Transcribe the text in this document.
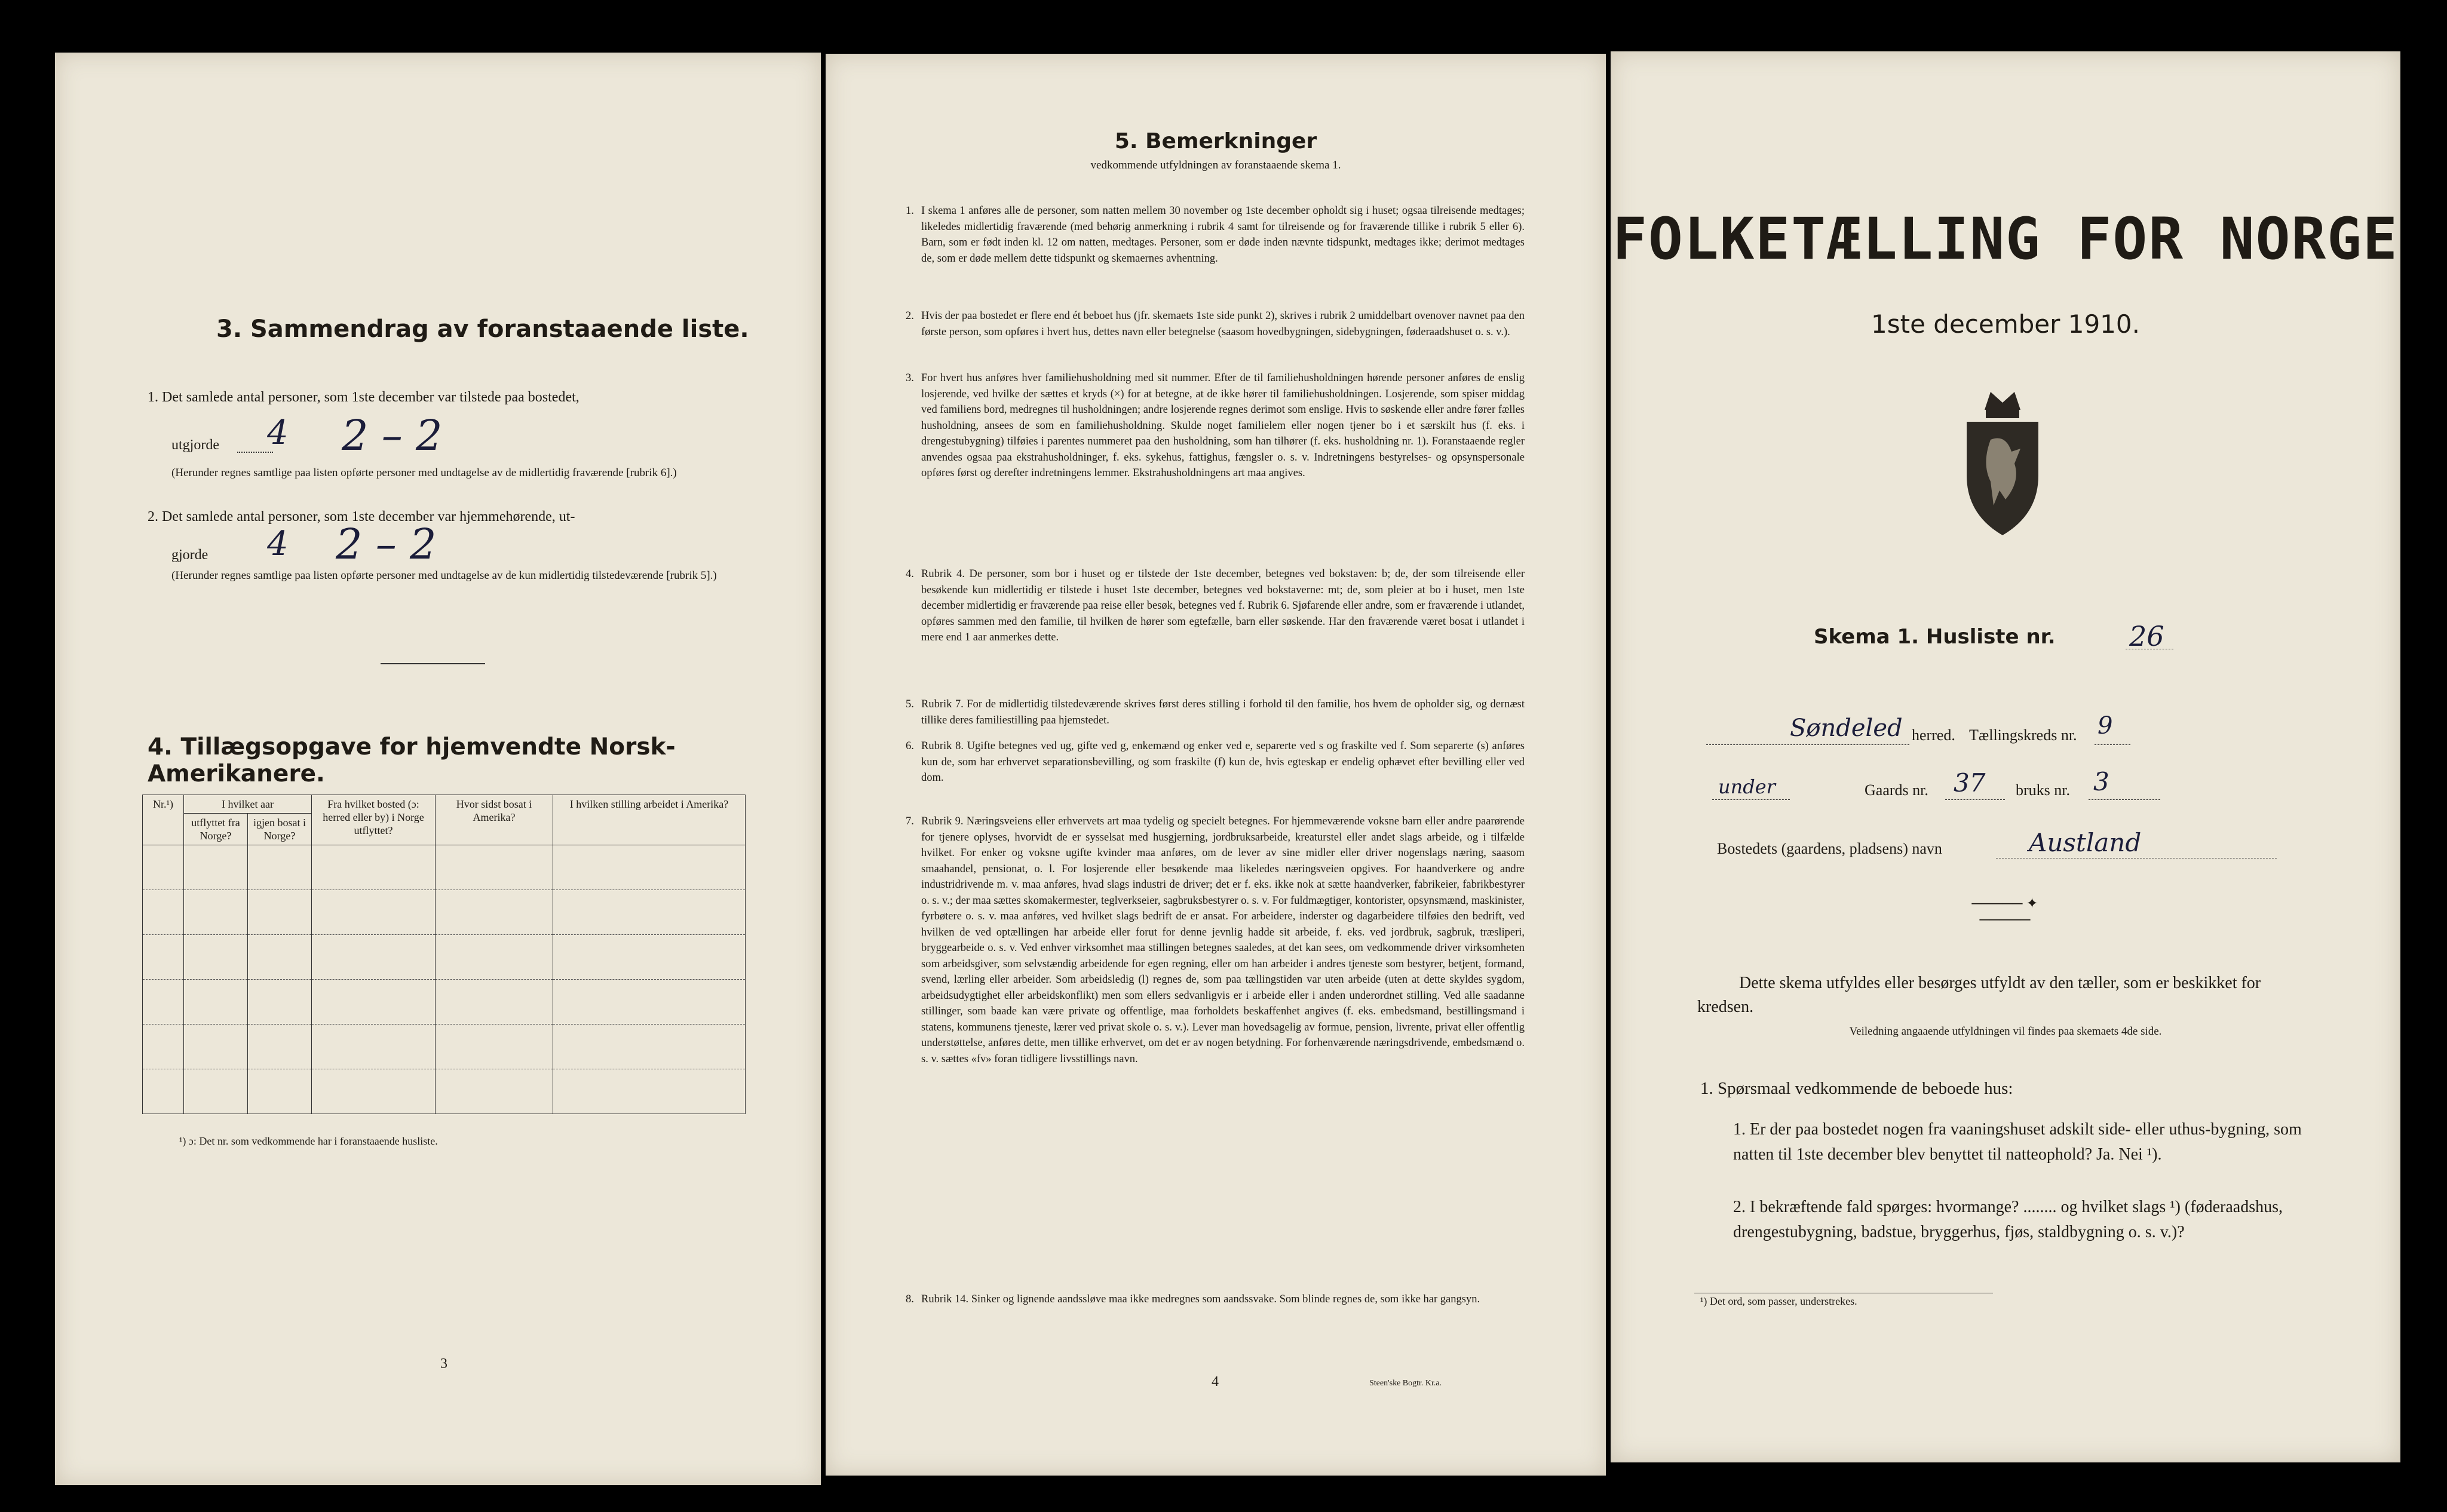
3. Sammendrag av foranstaaende liste.
1. Det samlede antal personer, som 1ste december var tilstede paa bostedet,
utgjorde 4 2 – 2
(Herunder regnes samtlige paa listen opførte personer med undtagelse av de midlertidig fraværende [rubrik 6].)
2. Det samlede antal personer, som 1ste december var hjemmehørende, ut-
gjorde 4 2 – 2
(Herunder regnes samtlige paa listen opførte personer med undtagelse av de kun midlertidig tilstedeværende [rubrik 5].)
4. Tillægsopgave for hjemvendte Norsk-Amerikanere.
Nr.¹)	I hvilket aar		Fra hvilket bosted (ɔ: herred eller by) i Norge utflyttet?	Hvor sidst bosat i Amerika?	I hvilken stilling arbeidet i Amerika?
	utflyttet fra Norge?	igjen bosat i Norge?			

¹) ɔ: Det nr. som vedkommende har i foranstaaende husliste.
3
5. Bemerkninger
vedkommende utfyldningen av foranstaaende skema 1.
1. I skema 1 anføres alle de personer, som natten mellem 30 november og 1ste december opholdt sig i huset; ogsaa tilreisende medtages; likeledes midlertidig fraværende (med behørig anmerkning i rubrik 4 samt for tilreisende og for fraværende tillike i rubrik 5 eller 6). Barn, som er født inden kl. 12 om natten, medtages. Personer, som er døde inden nævnte tidspunkt, medtages ikke; derimot medtages de, som er døde mellem dette tidspunkt og skemaernes avhentning.
2. Hvis der paa bostedet er flere end ét beboet hus (jfr. skemaets 1ste side punkt 2), skrives i rubrik 2 umiddelbart ovenover navnet paa den første person, som opføres i hvert hus, dettes navn eller betegnelse (saasom hovedbygningen, sidebygningen, føderaadshuset o. s. v.).
3. For hvert hus anføres hver familiehusholdning med sit nummer. Efter de til familiehusholdningen hørende personer anføres de enslig losjerende, ved hvilke der sættes et kryds (×) for at betegne, at de ikke hører til familiehusholdningen. Losjerende, som spiser middag ved familiens bord, medregnes til husholdningen; andre losjerende regnes derimot som enslige. Hvis to søskende eller andre fører fælles husholdning, ansees de som en familiehusholdning. Skulde noget familielem eller nogen tjener bo i et særskilt hus (f. eks. i drengestubygning) tilføies i parentes nummeret paa den husholdning, som han tilhører (f. eks. husholdning nr. 1). Foranstaaende regler anvendes ogsaa paa ekstrahusholdninger, f. eks. sykehus, fattighus, fængsler o. s. v. Indretningens bestyrelses- og opsynspersonale opføres først og derefter indretningens lemmer. Ekstrahusholdningens art maa angives.
4. Rubrik 4. De personer, som bor i huset og er tilstede der 1ste december, betegnes ved bokstaven: b; de, der som tilreisende eller besøkende kun midlertidig er tilstede i huset 1ste december, betegnes ved bokstaverne: mt; de, som pleier at bo i huset, men 1ste december midlertidig er fraværende paa reise eller besøk, betegnes ved f. Rubrik 6. Sjøfarende eller andre, som er fraværende i utlandet, opføres sammen med den familie, til hvilken de hører som egtefælle, barn eller søskende. Har den fraværende været bosat i utlandet i mere end 1 aar anmerkes dette.
5. Rubrik 7. For de midlertidig tilstedeværende skrives først deres stilling i forhold til den familie, hos hvem de opholder sig, og dernæst tillike deres familiestilling paa hjemstedet.
6. Rubrik 8. Ugifte betegnes ved ug, gifte ved g, enkemænd og enker ved e, separerte ved s og fraskilte ved f. Som separerte (s) anføres kun de, som har erhvervet separationsbevilling, og som fraskilte (f) kun de, hvis egteskap er endelig ophævet efter bevilling eller ved dom.
7. Rubrik 9. Næringsveiens eller erhvervets art maa tydelig og specielt betegnes. For hjemmeværende voksne barn eller andre paarørende for tjenere oplyses, hvorvidt de er sysselsat med husgjerning, jordbruksarbeide, kreaturstel eller andet slags arbeide, og i tilfælde hvilket. For enker og voksne ugifte kvinder maa anføres, om de lever av sine midler eller driver nogenslags næring, saasom smaahandel, pensionat, o. l. For losjerende eller besøkende maa likeledes næringsveien opgives. For haandverkere og andre industridrivende m. v. maa anføres, hvad slags industri de driver; det er f. eks. ikke nok at sætte haandverker, fabrikeier, fabrikbestyrer o. s. v.; der maa sættes skomakermester, teglverkseier, sagbruksbestyrer o. s. v. For fuldmægtiger, kontorister, opsynsmænd, maskinister, fyrbøtere o. s. v. maa anføres, ved hvilket slags bedrift de er ansat. For arbeidere, inderster og dagarbeidere tilføies den bedrift, ved hvilken de ved optællingen har arbeide eller forut for denne jevnlig hadde sit arbeide, f. eks. ved jordbruk, sagbruk, træsliperi, bryggearbeide o. s. v. Ved enhver virksomhet maa stillingen betegnes saaledes, at det kan sees, om vedkommende driver virksomheten som arbeidsgiver, som selvstændig arbeidende for egen regning, eller om han arbeider i andres tjeneste som bestyrer, betjent, formand, svend, lærling eller arbeider. Som arbeidsledig (l) regnes de, som paa tællingstiden var uten arbeide (uten at dette skyldes sygdom, arbeidsudygtighet eller arbeidskonflikt) men som ellers sedvanligvis er i arbeide eller i anden underordnet stilling. Ved alle saadanne stillinger, som baade kan være private og offentlige, maa forholdets beskaffenhet angives (f. eks. embedsmand, bestillingsmand i statens, kommunens tjeneste, lærer ved privat skole o. s. v.). Lever man hovedsagelig av formue, pension, livrente, privat eller offentlig understøttelse, anføres dette, men tillike erhvervet, om det er av nogen betydning. For forhenværende næringsdrivende, embedsmænd o. s. v. sættes «fv» foran tidligere livsstillings navn.
8. Rubrik 14. Sinker og lignende aandssløve maa ikke medregnes som aandssvake. Som blinde regnes de, som ikke har gangsyn.
4	Steen'ske Bogtr. Kr.a.
FOLKETÆLLING FOR NORGE
1ste december 1910.
Skema 1. Husliste nr.	26
Søndeled herred. Tællingskreds nr. 9
under	Gaards nr. 37 bruks nr. 3
Bostedets (gaardens, pladsens) navn	Austland
───── ✦ ─────
Dette skema utfyldes eller besørges utfyldt av den tæller, som er beskikket for kredsen.
Veiledning angaaende utfyldningen vil findes paa skemaets 4de side.
1. Spørsmaal vedkommende de beboede hus:
1. Er der paa bostedet nogen fra vaaningshuset adskilt side- eller uthus-bygning, som natten til 1ste december blev benyttet til natteophold? Ja. Nei ¹).
2. I bekræftende fald spørges: hvormange? ........ og hvilket slags ¹) (føderaadshus, drengestubygning, badstue, bryggerhus, fjøs, staldbygning o. s. v.)?
¹) Det ord, som passer, understrekes.
